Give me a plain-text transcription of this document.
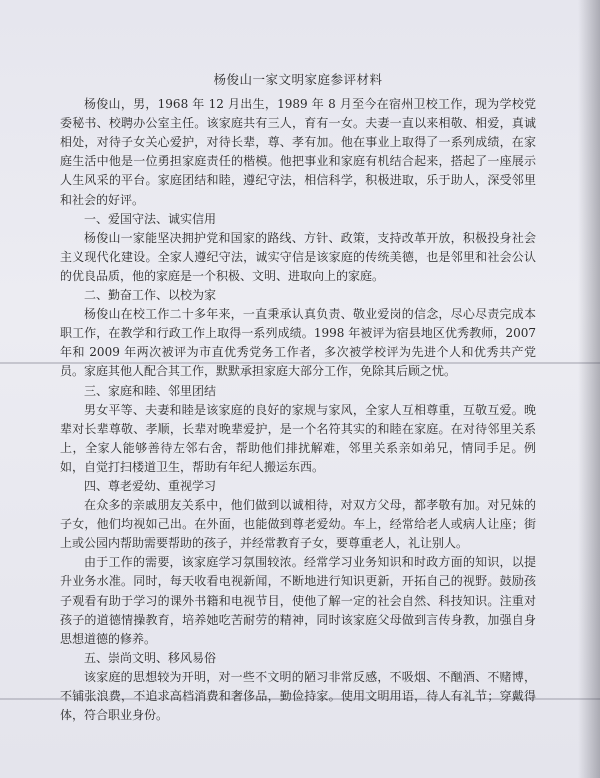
杨俊山一家文明家庭参评材料

杨俊山，男，1968 年 12 月出生，1989 年 8 月至今在宿州卫校工作，现为学校党委秘书、校聘办公室主任。该家庭共有三人，育有一女。夫妻一直以来相敬、相爱，真诚相处，对待子女关心爱护，对待长辈，尊、孝有加。他在事业上取得了一系列成绩，在家庭生活中他是一位勇担家庭责任的楷模。他把事业和家庭有机结合起来，搭起了一座展示人生风采的平台。家庭团结和睦，遵纪守法，相信科学，积极进取，乐于助人，深受邻里和社会的好评。

一、爱国守法、诚实信用

杨俊山一家能坚决拥护党和国家的路线、方针、政策，支持改革开放，积极投身社会主义现代化建设。全家人遵纪守法，诚实守信是该家庭的传统美德，也是邻里和社会公认的优良品质，他的家庭是一个积极、文明、进取向上的家庭。

二、勤奋工作、以校为家

杨俊山在校工作二十多年来，一直秉承认真负责、敬业爱岗的信念，尽心尽责完成本职工作，在教学和行政工作上取得一系列成绩。1998 年被评为宿县地区优秀教师，2007 年和 2009 年两次被评为市直优秀党务工作者，多次被学校评为先进个人和优秀共产党员。家庭其他人配合其工作，默默承担家庭大部分工作，免除其后顾之忧。

三、家庭和睦、邻里团结

男女平等、夫妻和睦是该家庭的良好的家规与家风，全家人互相尊重，互敬互爱。晚辈对长辈尊敬、孝顺，长辈对晚辈爱护，是一个名符其实的和睦在家庭。在对待邻里关系上，全家人能够善待左邻右舍，帮助他们排扰解难，邻里关系亲如弟兄，情同手足。例如，自觉打扫楼道卫生，帮助有年纪人搬运东西。

四、尊老爱幼、重视学习

在众多的亲戚朋友关系中，他们做到以诚相待，对双方父母，都孝敬有加。对兄妹的子女，他们均视如己出。在外面，也能做到尊老爱幼。车上，经常给老人或病人让座；街上或公园内帮助需要帮助的孩子，并经常教育子女，要尊重老人，礼让别人。

由于工作的需要，该家庭学习氛围较浓。经常学习业务知识和时政方面的知识，以提升业务水准。同时，每天收看电视新闻，不断地进行知识更新，开拓自己的视野。鼓励孩子观看有助于学习的课外书籍和电视节目，使他了解一定的社会自然、科技知识。注重对孩子的道德情操教育，培养她吃苦耐劳的精神，同时该家庭父母做到言传身教，加强自身思想道德的修养。

五、崇尚文明、移风易俗

该家庭的思想较为开明，对一些不文明的陋习非常反感，不吸烟、不酗酒、不赌博，不铺张浪费，不追求高档消费和奢侈品，勤俭持家。使用文明用语，待人有礼节；穿戴得体，符合职业身份。
